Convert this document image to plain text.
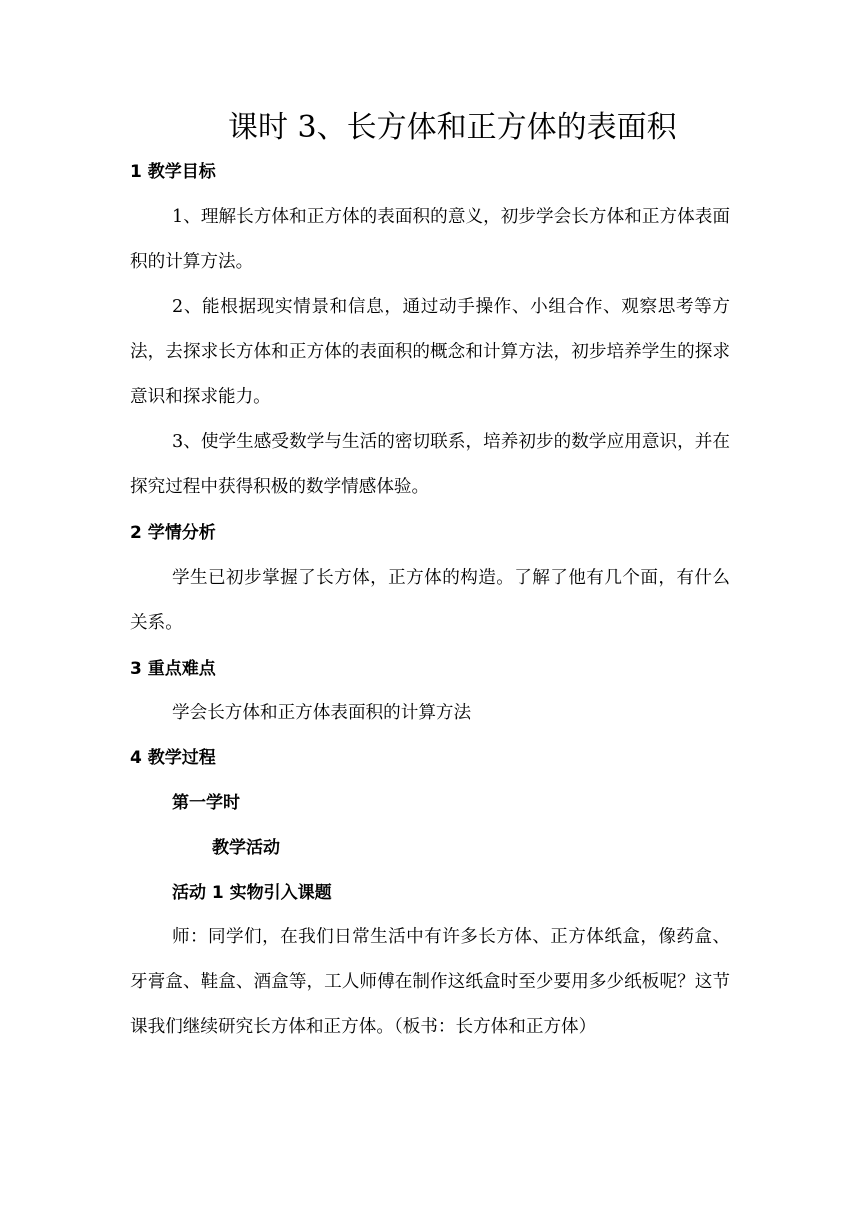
课时 3、长方体和正方体的表面积
1 教学目标
1、理解长方体和正方体的表面积的意义，初步学会长方体和正方体表面积的计算方法。
2、能根据现实情景和信息，通过动手操作、小组合作、观察思考等方法，去探求长方体和正方体的表面积的概念和计算方法，初步培养学生的探求意识和探求能力。
3、使学生感受数学与生活的密切联系，培养初步的数学应用意识，并在探究过程中获得积极的数学情感体验。
2 学情分析
学生已初步掌握了长方体，正方体的构造。了解了他有几个面，有什么关系。
3 重点难点
学会长方体和正方体表面积的计算方法
4 教学过程
第一学时
教学活动
活动 1 实物引入课题
师：同学们，在我们日常生活中有许多长方体、正方体纸盒，像药盒、牙膏盒、鞋盒、酒盒等，工人师傅在制作这纸盒时至少要用多少纸板呢？这节课我们继续研究长方体和正方体。（板书：长方体和正方体）
